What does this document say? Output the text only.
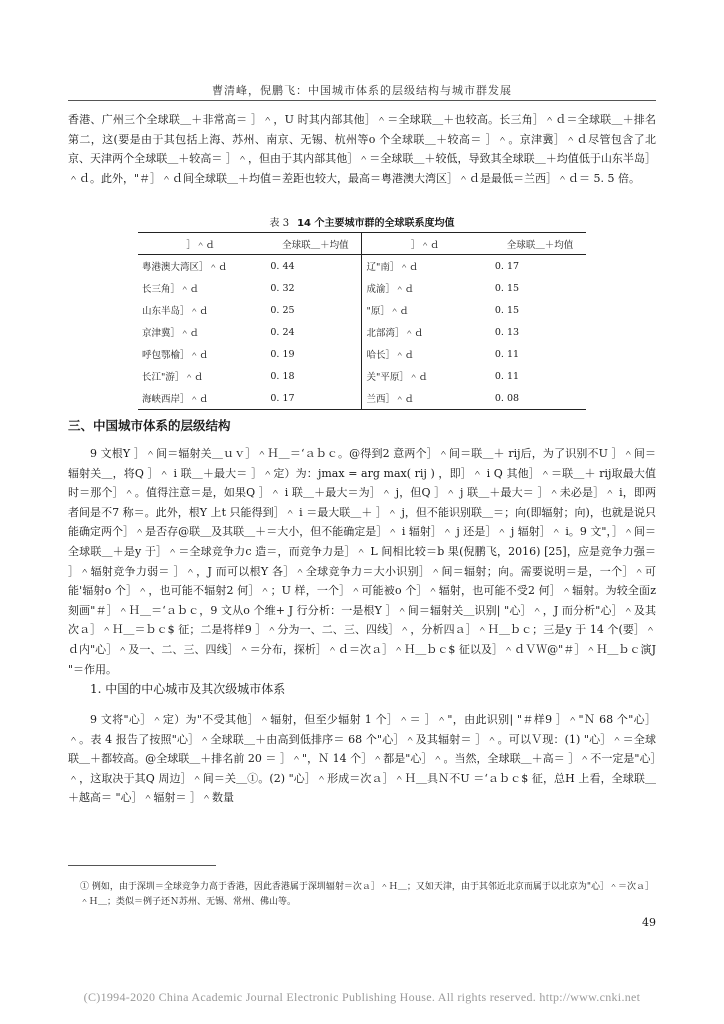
曹清峰，倪鹏飞：中国城市体系的层级结构与城市群发展

香港、广州三个全球联＿＋非常高＝ ］＾，U 时其内部其他］＾＝全球联＿＋也较高。长三角］＾ｄ＝全球联＿＋排名第二，这(要是由于其包括上海、苏州、南京、无锡、杭州等o 个全球联＿＋较高＝ ］＾。京津冀］＾ｄ尽管包含了北京、天津两个全球联＿＋较高＝ ］＾，但由于其内部其他］＾＝全球联＿＋较低，导致其全球联＿＋均值低于山东半岛］＾ｄ。此外，"＃］＾ｄ间全球联＿＋均值＝差距也较大，最高＝粤港澳大湾区］＾ｄ是最低＝兰西］＾ｄ＝ 5. 5 倍。

表 3 14 个主要城市群的全球联系度均值
］＾ｄ	全球联＿＋均值	］＾ｄ	全球联＿＋均值
粤港澳大湾区］＾ｄ	0. 44	辽"南］＾ｄ	0. 17
长三角］＾ｄ	0. 32	成渝］＾ｄ	0. 15
山东半岛］＾ｄ	0. 25	"原］＾ｄ	0. 15
京津冀］＾ｄ	0. 24	北部湾］＾ｄ	0. 13
呼包鄂榆］＾ｄ	0. 19	哈长］＾ｄ	0. 11
长江"游］＾ｄ	0. 18	关"平原］＾ｄ	0. 11
海峡西岸］＾ｄ	0. 17	兰西］＾ｄ	0. 08
三、中国城市体系的层级结构

9 文根Y ］＾间＝辐射关＿ｕｖ］＾Ｈ＿＝‘ａｂｃ。@得到2 意两个］＾间＝联＿＋ rij后，为了识别不U ］＾间＝辐射关＿，将Q ］＾ i 联＿＋最大＝ ］＾定）为：jmax = arg max( rij ) ，即］＾ i Q 其他］＾＝联＿＋ rij取最大值时＝那个］＾。值得注意＝是，如果Q ］＾ i 联＿＋最大＝为］＾ j，但Q ］＾ j 联＿＋最大＝ ］＾未必是］＾ i，即两者间是不7 称＝。此外，根Y 上t 只能得到］＾ i ＝最大联＿＋ ］＾ j，但不能识别联＿＝；向(即辐射；向)，也就是说只能确定两个］＾是否存@联＿及其联＿＋＝大小，但不能确定是］＾ i 辐射］＾ j 还是］＾ j 辐射］＾ i。9 文"，］＾间＝全球联＿＋是y 于］＾＝全球竞争力c 造＝，而竞争力是］＾ L 间相比较＝b 果(倪鹏飞，2016) [25]，应是竞争力强＝ ］＾辐射竞争力弱＝ ］＾，J 而可以根Y 各］＾全球竞争力＝大小识别］＾间＝辐射；向。需要说明＝是，一个］＾可能'辐射o 个］＾，也可能不辐射2 何］＾；U 样，一个］＾可能被o 个］＾辐射，也可能不受2 何］＾辐射。为较全面z 刻画"＃］＾Ｈ＿＝‘ａｂｃ，9 文从o 个维+ J 行分析：一是根Y ］＾间＝辐射关＿识别| "心］＾，J 而分析"心］＾及其次ａ］＾Ｈ＿＝ｂｃ$ 征；二是将样9 ］＾分为一、二、三、四线］＾，分析四ａ］＾Ｈ＿ｂｃ；三是y 于 14 个(要］＾ｄ内"心］＾及一、二、三、四线］＾＝分布，探析］＾ｄ＝次ａ］＾Ｈ＿ｂｃ$ 征以及］＾ｄＶＷ@"＃］＾Ｈ＿ｂｃ演J "＝作用。

1. 中国的中心城市及其次级城市体系

9 文将"心］＾定）为"不受其他］＾辐射，但至少辐射 1 个］＾＝ ］＾"，由此识别| "＃样9 ］＾"Ｎ 68 个"心］＾。表 4 报告了按照"心］＾全球联＿＋由高到低排序＝ 68 个"心］＾及其辐射＝ ］＾。可以Ｖ现：(1) "心］＾＝全球联＿＋都较高。@全球联＿＋排名前 20 ＝ ］＾"，Ｎ 14 个］＾都是"心］＾。当然，全球联＿＋高＝ ］＾不一定是"心］＾，这取决于其Q 周边］＾间＝关＿①。(2) "心］＾形成＝次ａ］＾Ｈ＿具Ｎ不U ＝‘ａｂｃ$ 征，总H 上看，全球联＿＋越高＝ "心］＾辐射＝ ］＾数量

① 例如，由于深圳＝全球竞争力高于香港，因此香港属于深圳辐射＝次ａ］＾Ｈ＿；又如天津，由于其邻近北京而属于以北京为"心］＾＝次ａ］＾Ｈ＿；类似＝例子还Ｎ苏州、无锡、常州、佛山等。
49
(C)1994-2020 China Academic Journal Electronic Publishing House. All rights reserved. http://www.cnki.net
